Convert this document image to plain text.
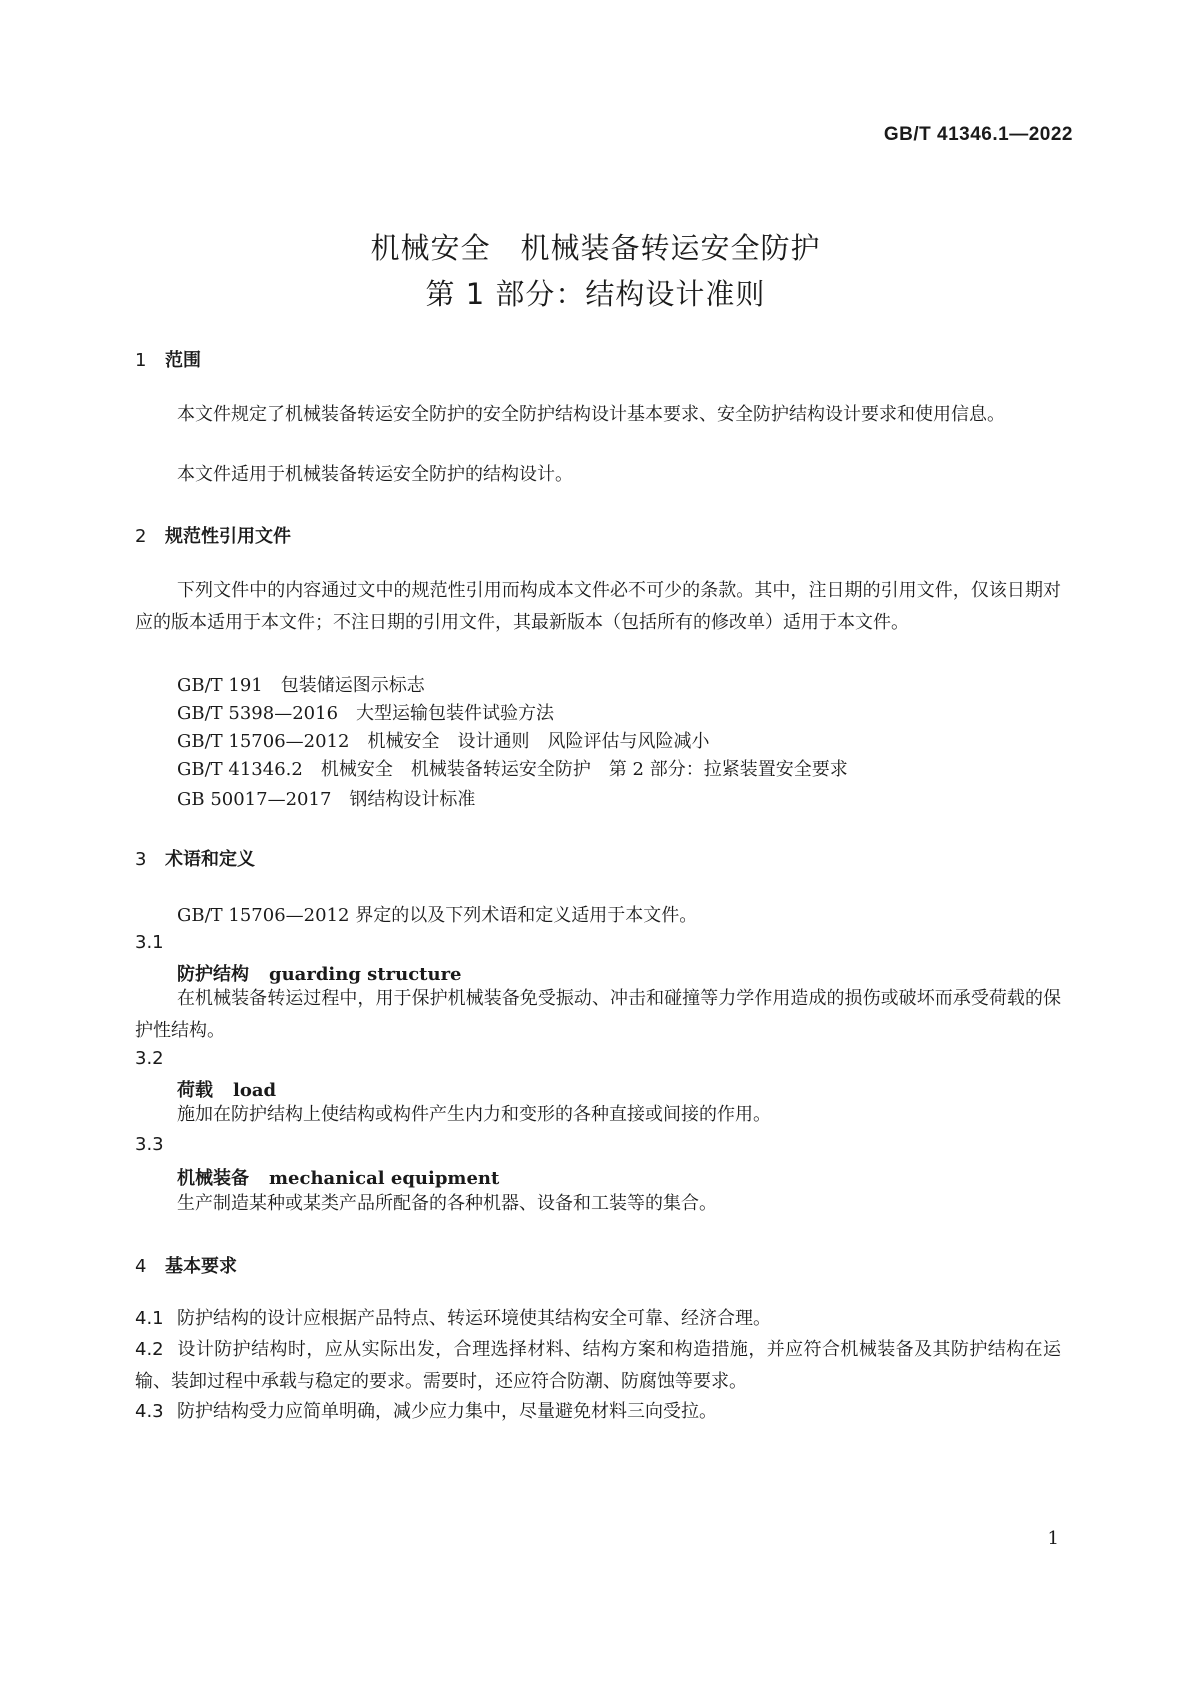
GB/T 41346.1—2022
机械安全　机械装备转运安全防护
第 1 部分：结构设计准则
1 范围
本文件规定了机械装备转运安全防护的安全防护结构设计基本要求、安全防护结构设计要求和使用信息。
本文件适用于机械装备转运安全防护的结构设计。
2 规范性引用文件
下列文件中的内容通过文中的规范性引用而构成本文件必不可少的条款。其中，注日期的引用文件，仅该日期对应的版本适用于本文件；不注日期的引用文件，其最新版本（包括所有的修改单）适用于本文件。
GB/T 191　包装储运图示标志
GB/T 5398—2016　大型运输包装件试验方法
GB/T 15706—2012　机械安全　设计通则　风险评估与风险减小
GB/T 41346.2　机械安全　机械装备转运安全防护　第 2 部分：拉紧装置安全要求
GB 50017—2017　钢结构设计标准
3 术语和定义
GB/T 15706—2012 界定的以及下列术语和定义适用于本文件。
3.1
防护结构 guarding structure
在机械装备转运过程中，用于保护机械装备免受振动、冲击和碰撞等力学作用造成的损伤或破坏而承受荷载的保护性结构。
3.2
荷载 load
施加在防护结构上使结构或构件产生内力和变形的各种直接或间接的作用。
3.3
机械装备 mechanical equipment
生产制造某种或某类产品所配备的各种机器、设备和工装等的集合。
4 基本要求
4.1 防护结构的设计应根据产品特点、转运环境使其结构安全可靠、经济合理。
4.2 设计防护结构时，应从实际出发，合理选择材料、结构方案和构造措施，并应符合机械装备及其防护结构在运输、装卸过程中承载与稳定的要求。需要时，还应符合防潮、防腐蚀等要求。
4.3 防护结构受力应简单明确，减少应力集中，尽量避免材料三向受拉。
1
